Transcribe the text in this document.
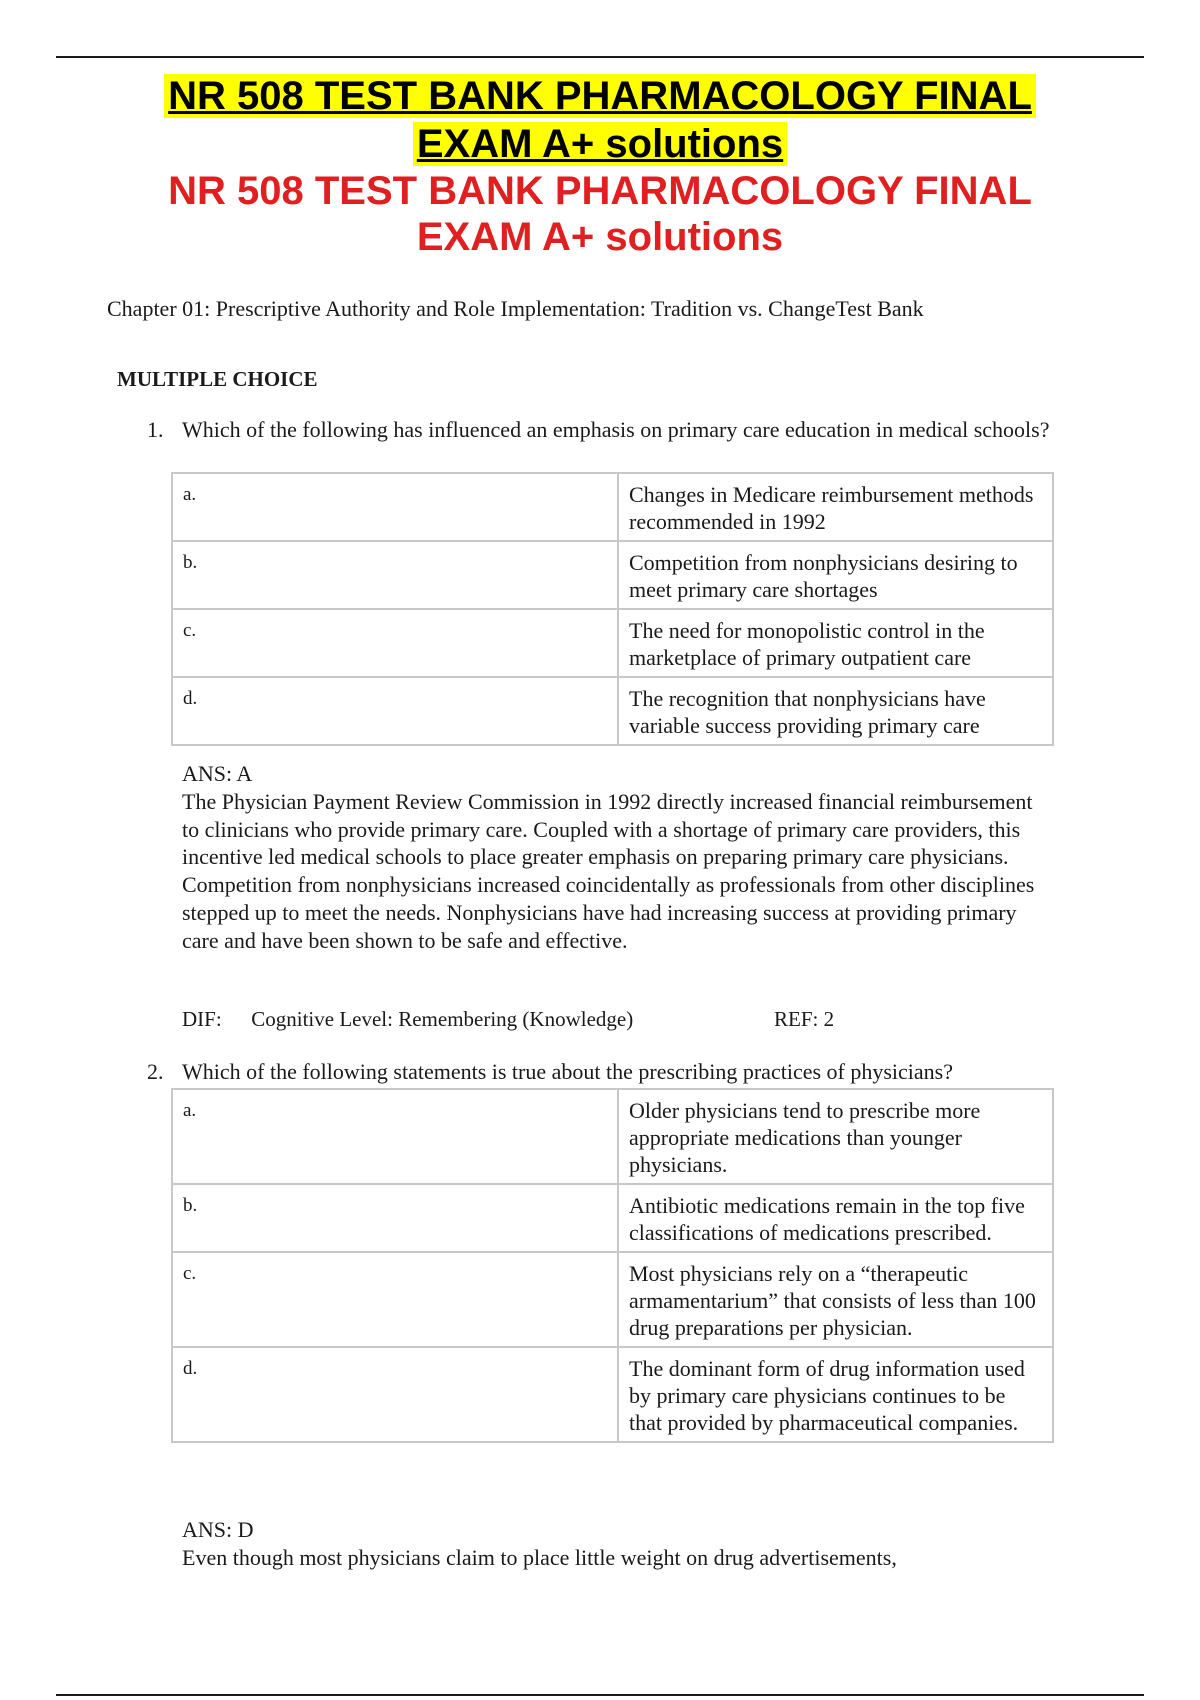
NR 508 TEST BANK PHARMACOLOGY FINAL
EXAM A+ solutions
NR 508 TEST BANK PHARMACOLOGY FINAL
EXAM A+ solutions
Chapter 01: Prescriptive Authority and Role Implementation: Tradition vs. ChangeTest Bank
MULTIPLE CHOICE
1. Which of the following has influenced an emphasis on primary care education in medical schools?
a.	Changes in Medicare reimbursement methods recommended in 1992
b.	Competition from nonphysicians desiring to meet primary care shortages
c.	The need for monopolistic control in the marketplace of primary outpatient care
d.	The recognition that nonphysicians have variable success providing primary care
ANS: A
The Physician Payment Review Commission in 1992 directly increased financial reimbursement to clinicians who provide primary care. Coupled with a shortage of primary care providers, this incentive led medical schools to place greater emphasis on preparing primary care physicians. Competition from nonphysicians increased coincidentally as professionals from other disciplines stepped up to meet the needs. Nonphysicians have had increasing success at providing primary care and have been shown to be safe and effective.
DIF: Cognitive Level: Remembering (Knowledge)	REF: 2
2. Which of the following statements is true about the prescribing practices of physicians?
a.	Older physicians tend to prescribe more appropriate medications than younger physicians.
b.	Antibiotic medications remain in the top five classifications of medications prescribed.
c.	Most physicians rely on a “therapeutic armamentarium” that consists of less than 100 drug preparations per physician.
d.	The dominant form of drug information used by primary care physicians continues to be that provided by pharmaceutical companies.
ANS: D
Even though most physicians claim to place little weight on drug advertisements,
